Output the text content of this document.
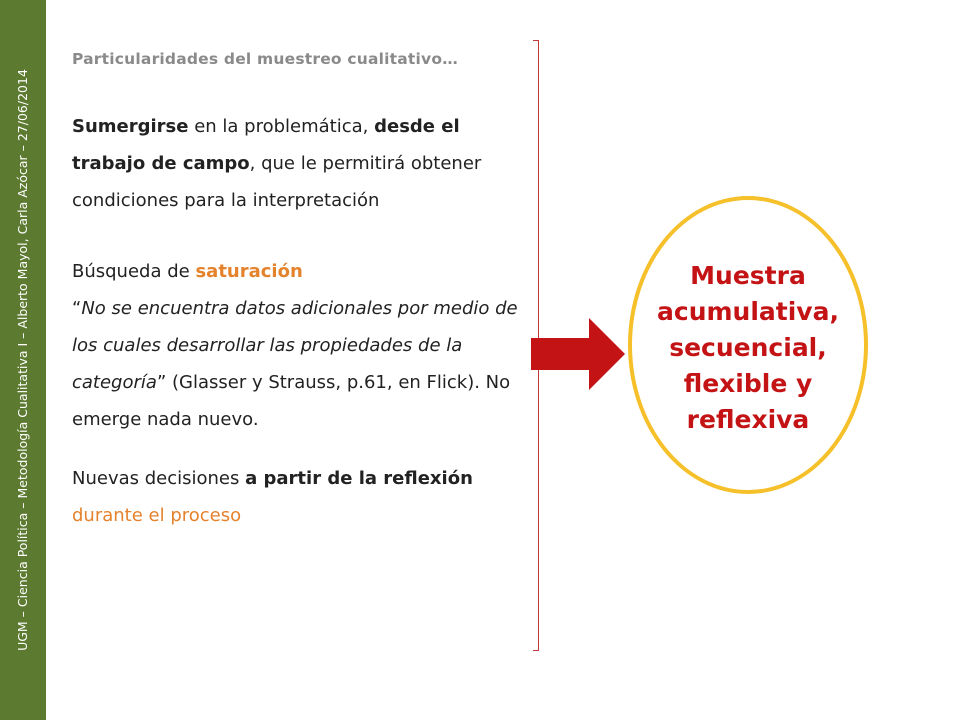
UGM – Ciencia Política – Metodología Cualitativa I – Alberto Mayol, Carla Azócar – 27/06/2014
Particularidades del muestreo cualitativo…

Sumergirse en la problemática, desde el trabajo de campo, que le permitirá obtener condiciones para la interpretación

Búsqueda de saturación

“No se encuentra datos adicionales por medio de los cuales desarrollar las propiedades de la categoría” (Glasser y Strauss, p.61, en Flick). No emerge nada nuevo.

Nuevas decisiones a partir de la reflexión durante el proceso

Muestra acumulativa, secuencial, flexible y reflexiva
